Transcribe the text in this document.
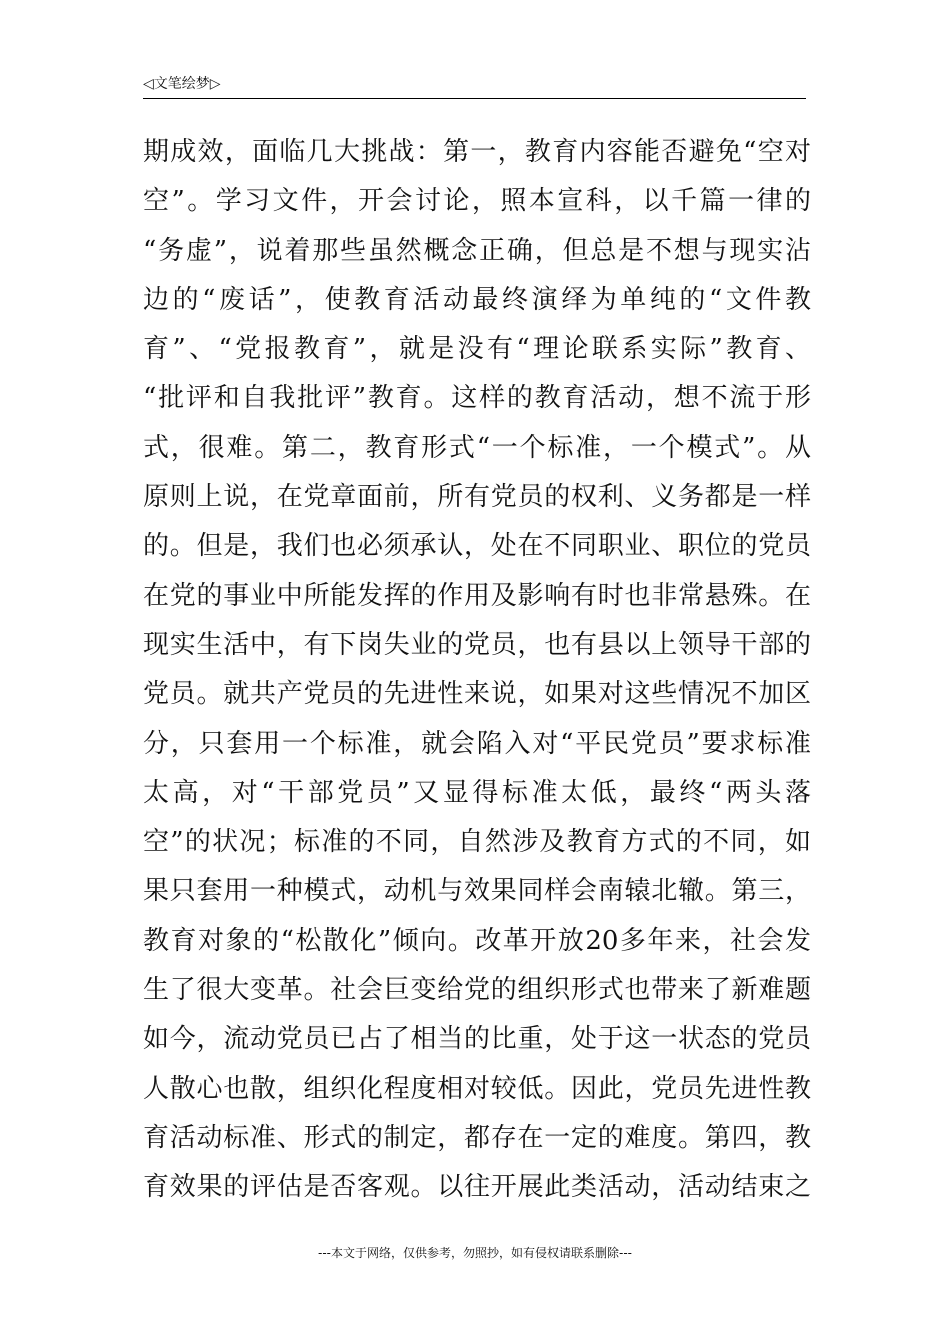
◁文笔绘梦▷
期成效，面临几大挑战：第一，教育内容能否避免“空对
空”。学习文件，开会讨论，照本宣科，以千篇一律的
“务虚”，说着那些虽然概念正确，但总是不想与现实沾
边的“废话”，使教育活动最终演绎为单纯的“文件教
育”、“党报教育”，就是没有“理论联系实际”教育、
“批评和自我批评”教育。这样的教育活动，想不流于形
式，很难。第二，教育形式“一个标准，一个模式”。从
原则上说，在党章面前，所有党员的权利、义务都是一样
的。但是，我们也必须承认，处在不同职业、职位的党员
在党的事业中所能发挥的作用及影响有时也非常悬殊。在
现实生活中，有下岗失业的党员，也有县以上领导干部的
党员。就共产党员的先进性来说，如果对这些情况不加区
分，只套用一个标准，就会陷入对“平民党员”要求标准
太高，对“干部党员”又显得标准太低，最终“两头落
空”的状况；标准的不同，自然涉及教育方式的不同，如
果只套用一种模式，动机与效果同样会南辕北辙。第三，
教育对象的“松散化”倾向。改革开放20多年来，社会发
生了很大变革。社会巨变给党的组织形式也带来了新难题
如今，流动党员已占了相当的比重，处于这一状态的党员
人散心也散，组织化程度相对较低。因此，党员先进性教
育活动标准、形式的制定，都存在一定的难度。第四，教
育效果的评估是否客观。以往开展此类活动，活动结束之
---本文于网络，仅供参考，勿照抄，如有侵权请联系删除---
